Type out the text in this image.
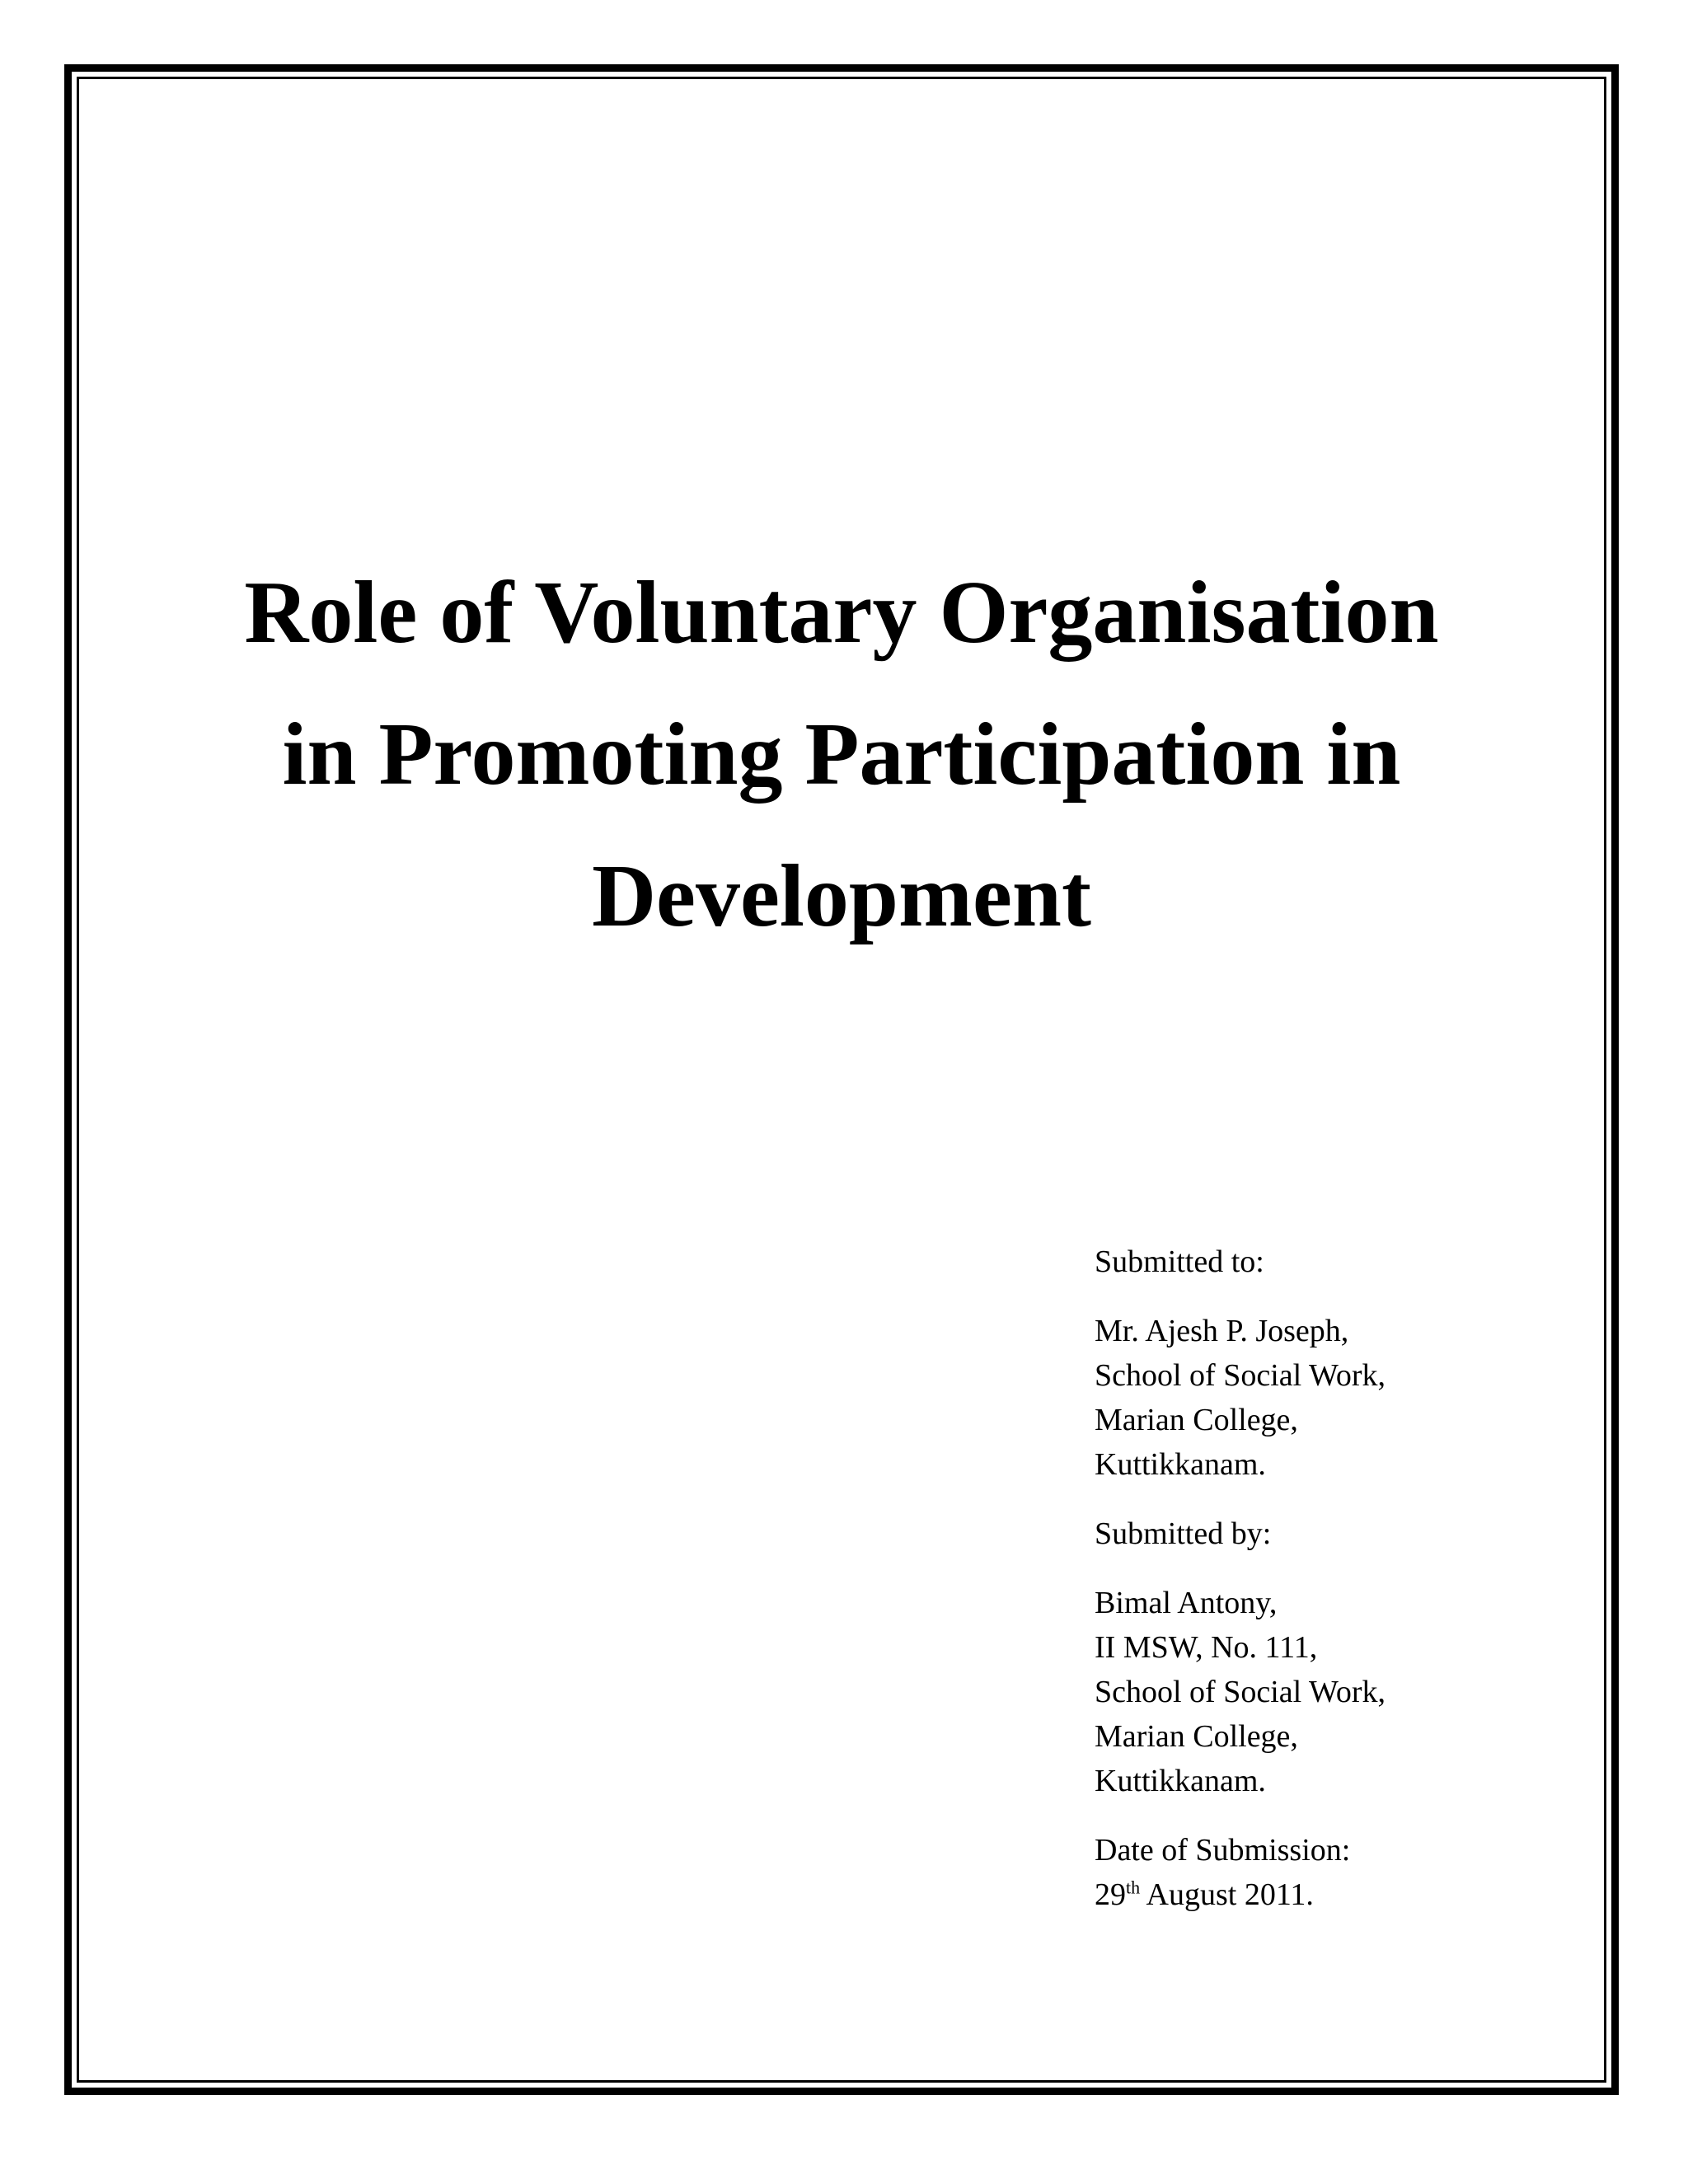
Role of Voluntary Organisation
in Promoting Participation in
Development
Submitted to:
Mr. Ajesh P. Joseph,
School of Social Work,
Marian College,
Kuttikkanam.
Submitted by:
Bimal Antony,
II MSW, No. 111,
School of Social Work,
Marian College,
Kuttikkanam.
Date of Submission:
29th August 2011.
